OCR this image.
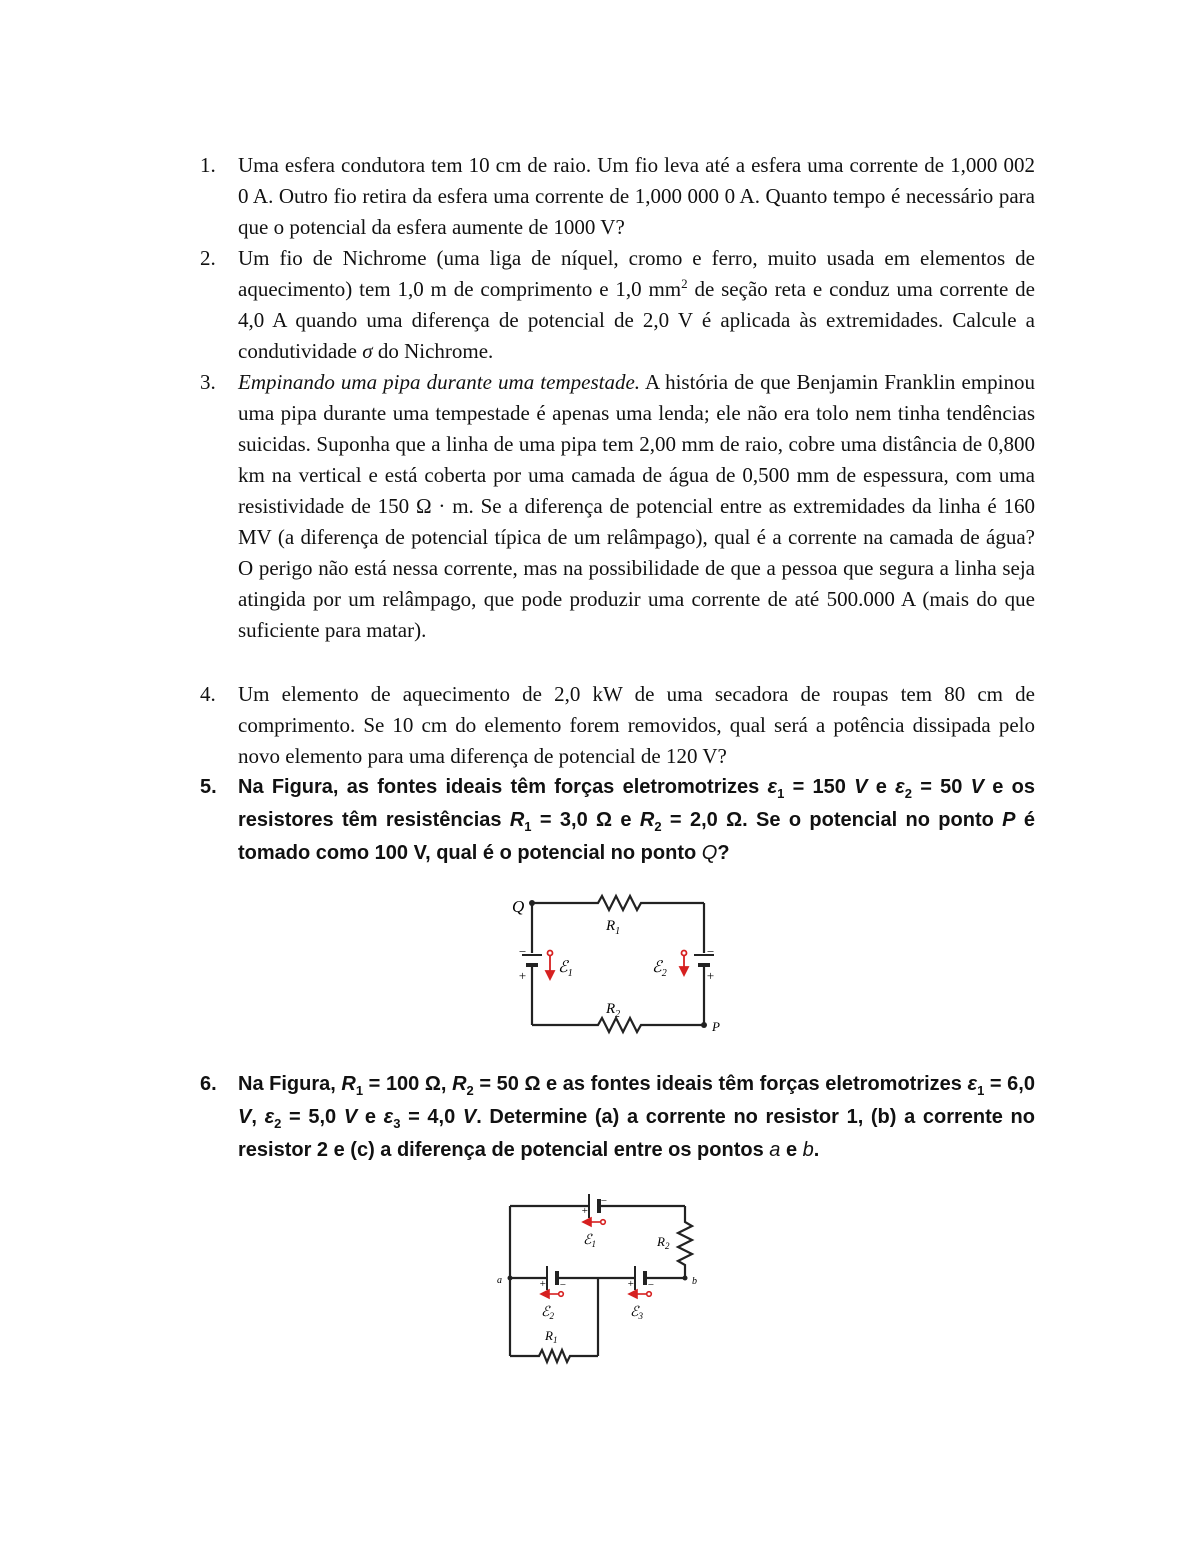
1.	Uma esfera condutora tem 10 cm de raio. Um fio leva até a esfera uma corrente de 1,000 002 0 A. Outro fio retira da esfera uma corrente de 1,000 000 0 A. Quanto tempo é necessário para que o potencial da esfera aumente de 1000 V?
2.	Um fio de Nichrome (uma liga de níquel, cromo e ferro, muito usada em elementos de aquecimento) tem 1,0 m de comprimento e 1,0 $mm^2$ de seção reta e conduz uma corrente de 4,0 A quando uma diferença de potencial de 2,0 V é aplicada às extremidades. Calcule a condutividade σ do Nichrome.
3.	Empinando uma pipa durante uma tempestade. A história de que Benjamin Franklin empinou uma pipa durante uma tempestade é apenas uma lenda; ele não era tolo nem tinha tendências suicidas. Suponha que a linha de uma pipa tem 2,00 mm de raio, cobre uma distância de 0,800 km na vertical e está coberta por uma camada de água de 0,500 mm de espessura, com uma resistividade de 150 Ω · m. Se a diferença de potencial entre as extremidades da linha é 160 MV (a diferença de potencial típica de um relâmpago), qual é a corrente na camada de água? O perigo não está nessa corrente, mas na possibilidade de que a pessoa que segura a linha seja atingida por um relâmpago, que pode produzir uma corrente de até 500.000 A (mais do que suficiente para matar).
4.	Um elemento de aquecimento de 2,0 kW de uma secadora de roupas tem 80 cm de comprimento. Se 10 cm do elemento forem removidos, qual será a potência dissipada pelo novo elemento para uma diferença de potencial de 120 V?
5.	Na Figura, as fontes ideais têm forças eletromotrizes $\varepsilon_1 = 150$ V e $\varepsilon_2 = 50$ V e os resistores têm resistências $R_1 = 3,0$ Ω e $R_2 = 2,0$ Ω. Se o potencial no ponto P é tomado como 100 V, qual é o potencial no ponto Q?
Q
P
$R_1$
$R_2$
ℰ$_1$	ℰ$_2$
−
+
−
+
6.	Na Figura, $R_1 = 100$ Ω, $R_2 = 50$ Ω e as fontes ideais têm forças eletromotrizes $\varepsilon_1 = 6,0$ V, $\varepsilon_2 = 5,0$ V e $\varepsilon_3 = 4,0$ V. Determine (a) a corrente no resistor 1, (b) a corrente no resistor 2 e (c) a diferença de potencial entre os pontos a e b.
a	b
ℰ$_1$
ℰ$_2$	ℰ$_3$
$R_2$
$R_1$
+
−
+ −	+ −
